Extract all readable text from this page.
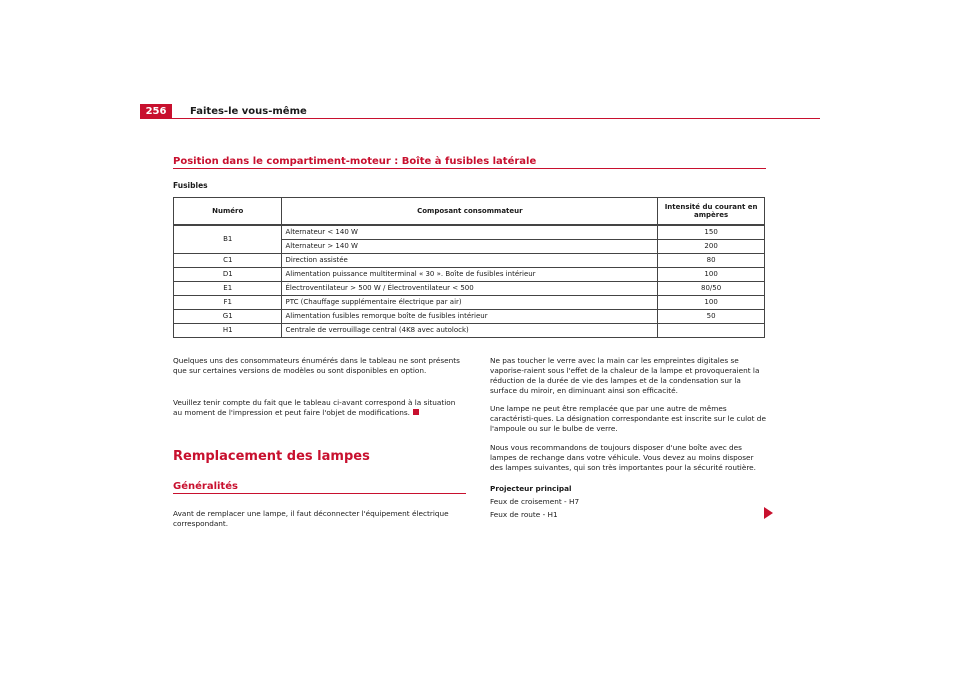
256	Faites-le vous-même
Position dans le compartiment-moteur : Boîte à fusibles latérale
Fusibles
Numéro	Composant consommateur	Intensité du courant en ampères
B1	Alternateur < 140 W	150
	Alternateur > 140 W	200
C1	Direction assistée	80
D1	Alimentation puissance multiterminal « 30 ». Boîte de fusibles intérieur	100
E1	Électroventilateur > 500 W / Électroventilateur < 500	80/50
F1	PTC (Chauffage supplémentaire électrique par air)	100
G1	Alimentation fusibles remorque boîte de fusibles intérieur	50
H1	Centrale de verrouillage central (4K8 avec autolock)	

Quelques uns des consommateurs énumérés dans le tableau ne sont présents que sur certaines versions de modèles ou sont disponibles en option.

Veuillez tenir compte du fait que le tableau ci-avant correspond à la situation au moment de l'impression et peut faire l'objet de modifications.

Remplacement des lampes
Généralités

Avant de remplacer une lampe, il faut déconnecter l'équipement électrique correspondant.

Ne pas toucher le verre avec la main car les empreintes digitales se vaporise-raient sous l'effet de la chaleur de la lampe et provoqueraient la réduction de la durée de vie des lampes et de la condensation sur la surface du miroir, en diminuant ainsi son efficacité.

Une lampe ne peut être remplacée que par une autre de mêmes caractéristi-ques. La désignation correspondante est inscrite sur le culot de l'ampoule ou sur le bulbe de verre.

Nous vous recommandons de toujours disposer d'une boîte avec des lampes de rechange dans votre véhicule. Vous devez au moins disposer des lampes suivantes, qui son très importantes pour la sécurité routière.

Projecteur principal

Feux de croisement - H7

Feux de route - H1
